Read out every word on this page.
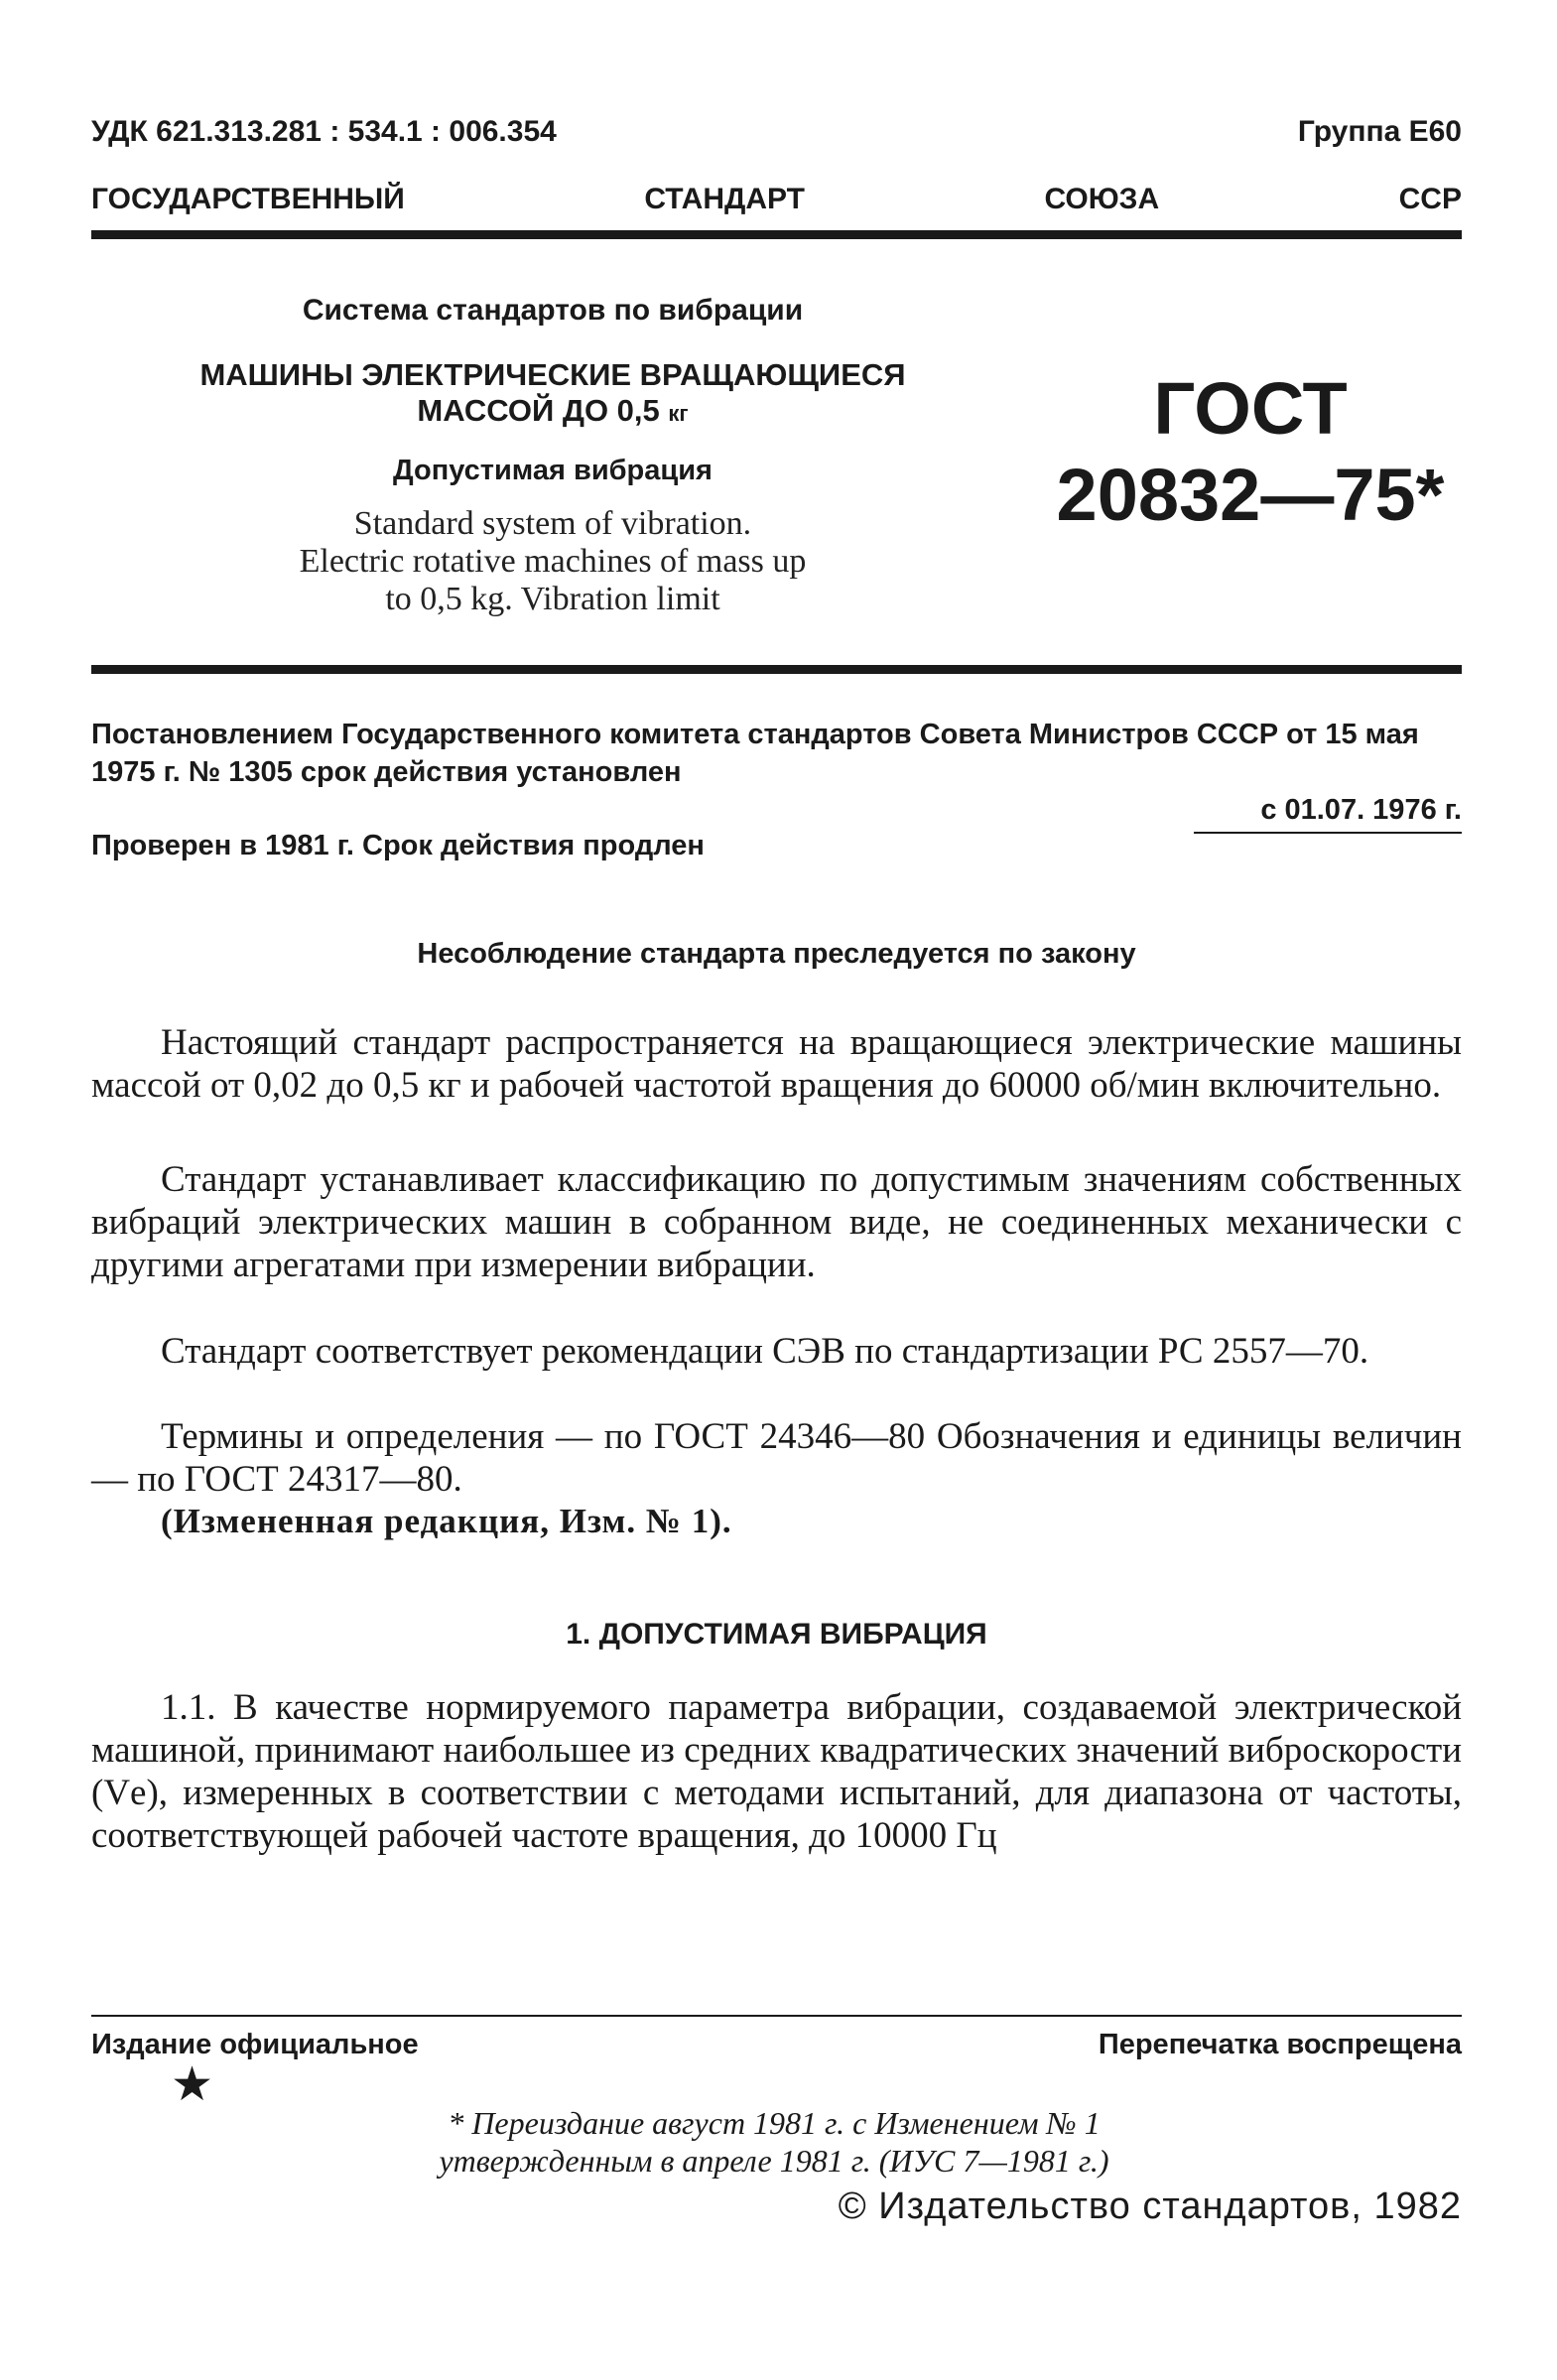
УДК 621.313.281 : 534.1 : 006.354	Группа Е60
ГОСУДАРСТВЕННЫЙ	СТАНДАРТ	СОЮЗА	ССР
Система стандартов по вибрации
МАШИНЫ ЭЛЕКТРИЧЕСКИЕ ВРАЩАЮЩИЕСЯ
МАССОЙ ДО 0,5 кг
Допустимая вибрация
Standard system of vibration.
Electric rotative machines of mass up
to 0,5 kg. Vibration limit
ГОСТ
20832—75*
Постановлением Государственного комитета стандартов Совета Министров СССР от 15 мая 1975 г. № 1305 срок действия установлен
с 01.07. 1976 г.
Проверен в 1981 г. Срок действия продлен
Несоблюдение стандарта преследуется по закону

Настоящий стандарт распространяется на вращающиеся электрические машины массой от 0,02 до 0,5 кг и рабочей частотой вращения до 60000 об/мин включительно.

Стандарт устанавливает классификацию по допустимым значениям собственных вибраций электрических машин в собранном виде, не соединенных механически с другими агрегатами при измерении вибрации.

Стандарт соответствует рекомендации СЭВ по стандартизации РС 2557—70.

Термины и определения — по ГОСТ 24346—80 Обозначения и единицы величин — по ГОСТ 24317—80.

(Измененная редакция, Изм. № 1).
1. ДОПУСТИМАЯ ВИБРАЦИЯ

1.1. В качестве нормируемого параметра вибрации, создаваемой электрической машиной, принимают наибольшее из средних квадратических значений виброскорости (Vе), измеренных в соответствии с методами испытаний, для диапазона от частоты, соответствующей рабочей частоте вращения, до 10000 Гц

Издание официальное
★
Перепечатка воспрещена
* Переиздание август 1981 г. с Изменением № 1
утвержденным в апреле 1981 г. (ИУС 7—1981 г.)
© Издательство стандартов, 1982
